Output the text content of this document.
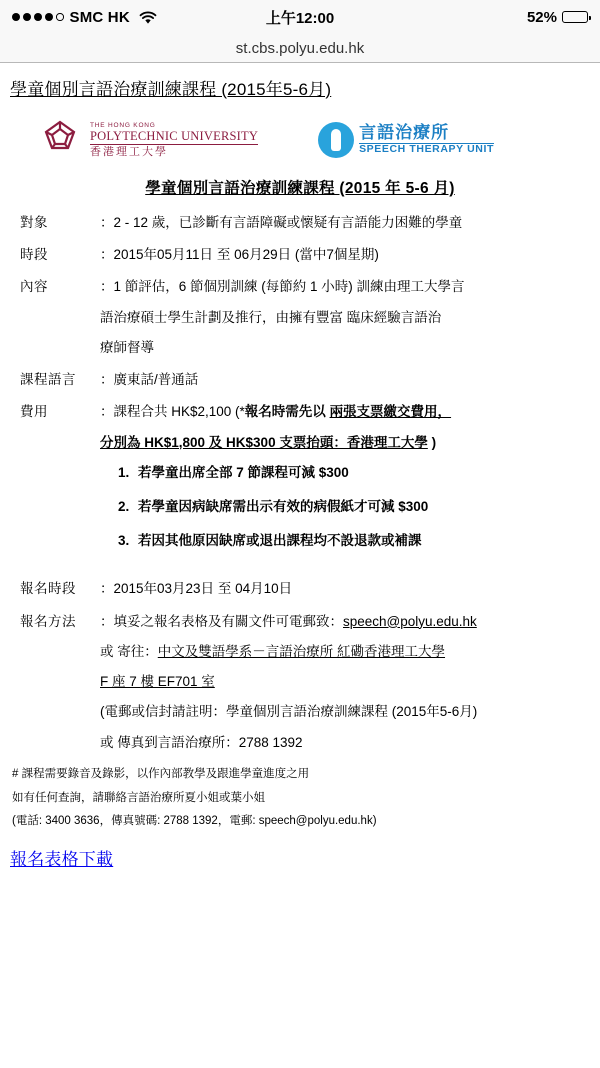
SMC HK	上午12:00	52%
st.cbs.polyu.edu.hk
學童個別言語治療訓練課程 (2015年5-6月)
THE HONG KONG
POLYTECHNIC UNIVERSITY
香港理工大學
言語治療所
SPEECH THERAPY UNIT
學童個別言語治療訓練課程 (2015 年 5-6 月)
對象	：2 - 12 歲，已診斷有言語障礙或懷疑有言語能力困難的學童
時段	：2015年05月11日 至 06月29日 (當中7個星期)
內容	：1 節評估，6 節個別訓練 (每節約 1 小時) 訓練由理工大學言
語治療碩士學生計劃及推行，由擁有豐富 臨床經驗言語治
療師督導
課程語言	：廣東話/普通話
費用	：課程合共 HK$2,100 (*報名時需先以 兩張支票繳交費用，
分別為 HK$1,800 及 HK$300 支票抬頭：香港理工大學 )
1. 若學童出席全部 7 節課程可減 $300
2. 若學童因病缺席需出示有效的病假紙才可減 $300
3. 若因其他原因缺席或退出課程均不設退款或補課
報名時段	：2015年03月23日 至 04月10日
報名方法	：填妥之報名表格及有關文件可電郵致：speech@polyu.edu.hk
或 寄往：中文及雙語學系－言語治療所 紅磡香港理工大學
F 座 7 樓 EF701 室
(電郵或信封請註明：學童個別言語治療訓練課程 (2015年5-6月)
或 傳真到言語治療所：2788 1392
# 課程需要錄音及錄影，以作內部教學及跟進學童進度之用
如有任何查詢，請聯絡言語治療所夏小姐或葉小姐
(電話: 3400 3636，傳真號碼: 2788 1392，電郵: speech@polyu.edu.hk)
報名表格下載
